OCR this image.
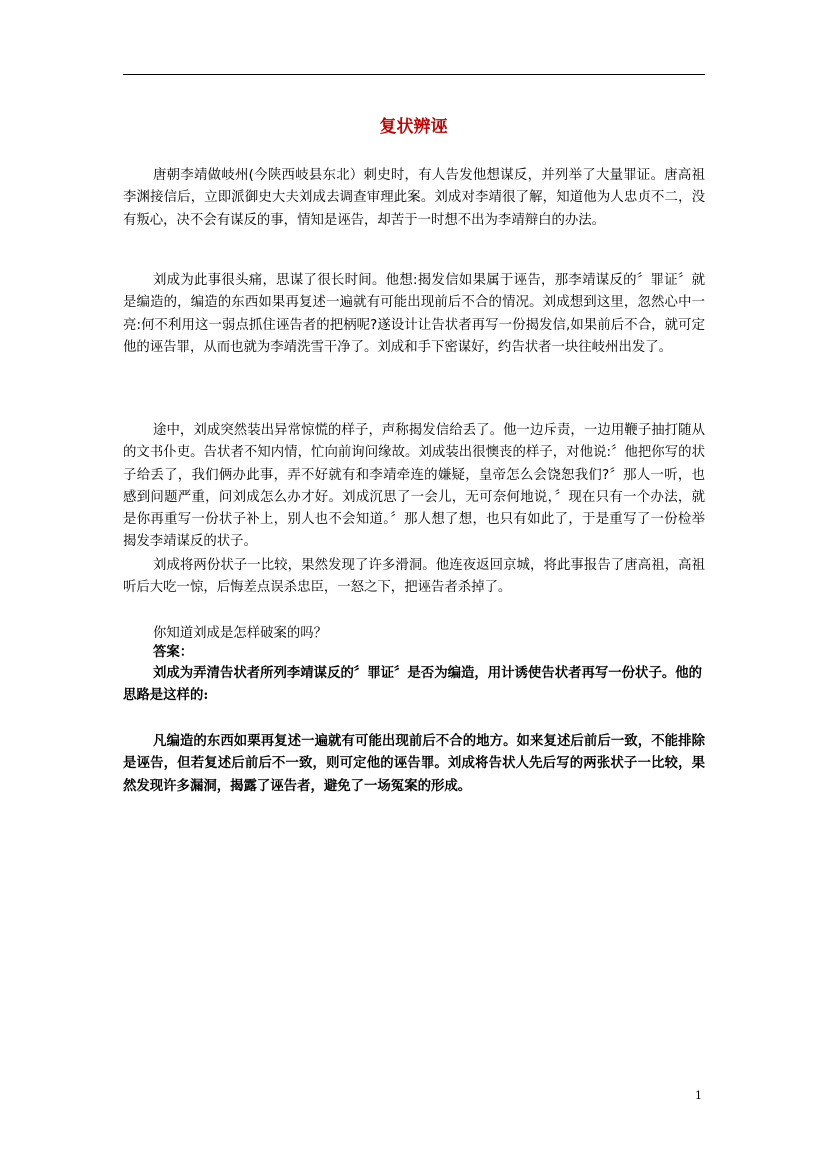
复状辨诬

唐朝李靖做岐州(今陕西岐县东北）刺史时，有人告发他想谋反，并列举了大量罪证。唐高祖李渊接信后，立即派御史大夫刘成去调查审理此案。刘成对李靖很了解，知道他为人忠贞不二，没有叛心，决不会有谋反的事，情知是诬告，却苦于一时想不出为李靖辩白的办法。

刘成为此事很头痛，思谋了很长时间。他想:揭发信如果属于诬告，那李靖谋反的〞罪证〞就是编造的，编造的东西如果再复述一遍就有可能出现前后不合的情况。刘成想到这里，忽然心中一亮:何不利用这一弱点抓住诬告者的把柄呢?遂设计让告状者再写一份揭发信,如果前后不合，就可定他的诬告罪，从而也就为李靖洗雪干净了。刘成和手下密谋好，约告状者一块往岐州出发了。

途中，刘成突然装出异常惊慌的样子，声称揭发信给丢了。他一边斥责，一边用鞭子抽打随从的文书仆吏。告状者不知内情，忙向前询问缘故。刘成装出很懊丧的样子，对他说:〞他把你写的状子给丢了，我们俩办此事，弄不好就有和李靖牵连的嫌疑，皇帝怎么会饶恕我们?〞那人一听，也感到问题严重，问刘成怎么办才好。刘成沉思了一会儿，无可奈何地说，〞现在只有一个办法，就是你再重写一份状子补上，别人也不会知道。〞那人想了想，也只有如此了，于是重写了一份检举揭发李靖谋反的状子。

刘成将两份状子一比较，果然发现了许多滑洞。他连夜返回京城，将此事报告了唐高祖，高祖听后大吃一惊，后悔差点误杀忠臣，一怒之下，把诬告者杀掉了。

你知道刘成是怎样破案的吗？
答案：

刘成为弄清告状者所列李靖谋反的〞罪证〞是否为编造，用计诱使告状者再写一份状子。他的思路是这样的:

凡编造的东西如栗再复述一遍就有可能出现前后不合的地方。如来复述后前后一致，不能排除是诬告，但若复述后前后不一致，则可定他的诬告罪。刘成将告状人先后写的两张状子一比较，果然发现许多漏洞，揭露了诬告者，避免了一场冤案的形成。

1
